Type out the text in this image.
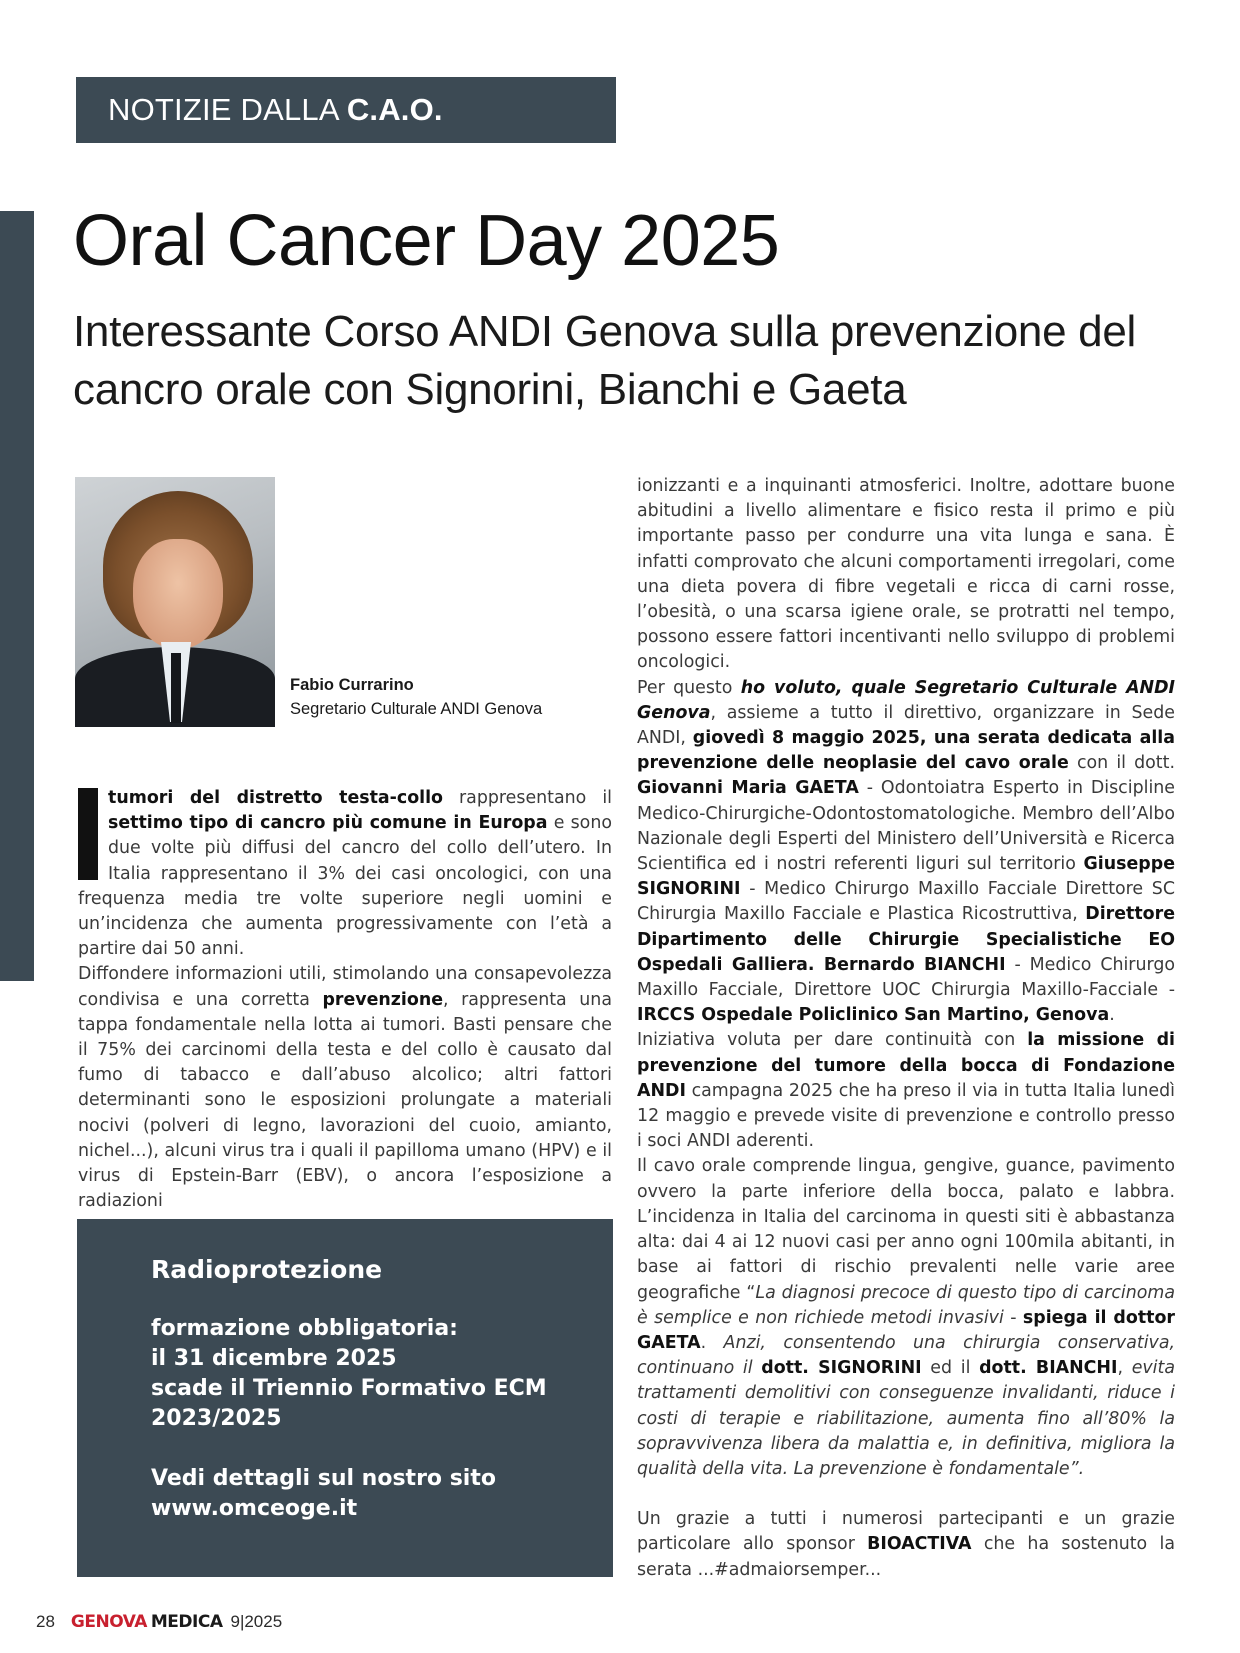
NOTIZIE DALLA C.A.O.
Oral Cancer Day 2025
Interessante Corso ANDI Genova sulla prevenzione del cancro orale con Signorini, Bianchi e Gaeta
Fabio Currarino
Segretario Culturale ANDI Genova

tumori del distretto testa-collo rappresentano il settimo tipo di cancro più comune in Europa e sono due volte più diffusi del cancro del collo dell’utero. In Italia rappresentano il 3% dei casi oncologici, con una frequenza media tre volte superiore negli uomini e un’incidenza che aumenta progressivamente con l’età a partire dai 50 anni.

Diffondere informazioni utili, stimolando una consapevolezza condivisa e una corretta prevenzione, rappresenta una tappa fondamentale nella lotta ai tumori. Basti pensare che il 75% dei carcinomi della testa e del collo è causato dal fumo di tabacco e dall’abuso alcolico; altri fattori determinanti sono le esposizioni prolungate a materiali nocivi (polveri di legno, lavorazioni del cuoio, amianto, nichel...), alcuni virus tra i quali il papilloma umano (HPV) e il virus di Epstein-Barr (EBV), o ancora l’esposizione a radiazioni

ionizzanti e a inquinanti atmosferici. Inoltre, adottare buone abitudini a livello alimentare e fisico resta il primo e più importante passo per condurre una vita lunga e sana. È infatti comprovato che alcuni comportamenti irregolari, come una dieta povera di fibre vegetali e ricca di carni rosse, l’obesità, o una scarsa igiene orale, se protratti nel tempo, possono essere fattori incentivanti nello sviluppo di problemi oncologici.

Per questo ho voluto, quale Segretario Culturale ANDI Genova, assieme a tutto il direttivo, organizzare in Sede ANDI, giovedì 8 maggio 2025, una serata dedicata alla prevenzione delle neoplasie del cavo orale con il dott. Giovanni Maria GAETA - Odontoiatra Esperto in Discipline Medico-Chirurgiche-Odontostomatologiche. Membro dell’Albo Nazionale degli Esperti del Ministero dell’Università e Ricerca Scientifica ed i nostri referenti liguri sul territorio Giuseppe SIGNORINI - Medico Chirurgo Maxillo Facciale Direttore SC Chirurgia Maxillo Facciale e Plastica Ricostruttiva, Direttore Dipartimento delle Chirurgie Specialistiche EO Ospedali Galliera. Bernardo BIANCHI - Medico Chirurgo Maxillo Facciale, Direttore UOC Chirurgia Maxillo-Facciale - IRCCS Ospedale Policlinico San Martino, Genova.

Iniziativa voluta per dare continuità con la missione di prevenzione del tumore della bocca di Fondazione ANDI campagna 2025 che ha preso il via in tutta Italia lunedì 12 maggio e prevede visite di prevenzione e controllo presso i soci ANDI aderenti.

Il cavo orale comprende lingua, gengive, guance, pavimento ovvero la parte inferiore della bocca, palato e labbra. L’incidenza in Italia del carcinoma in questi siti è abbastanza alta: dai 4 ai 12 nuovi casi per anno ogni 100mila abitanti, in base ai fattori di rischio prevalenti nelle varie aree geografiche “La diagnosi precoce di questo tipo di carcinoma è semplice e non richiede metodi invasivi - spiega il dottor GAETA. Anzi, consentendo una chirurgia conservativa, continuano il dott. SIGNORINI ed il dott. BIANCHI, evita trattamenti demolitivi con conseguenze invalidanti, riduce i costi di terapie e riabilitazione, aumenta fino all’80% la sopravvivenza libera da malattia e, in definitiva, migliora la qualità della vita. La prevenzione è fondamentale”.

Un grazie a tutti i numerosi partecipanti e un grazie particolare allo sponsor BIOACTIVA che ha sostenuto la serata ...#admaiorsemper...

Radioprotezione

formazione obbligatoria:
il 31 dicembre 2025
scade il Triennio Formativo ECM
2023/2025

Vedi dettagli sul nostro sito
www.omceoge.it

28 GENOVA MEDICA 9|2025
